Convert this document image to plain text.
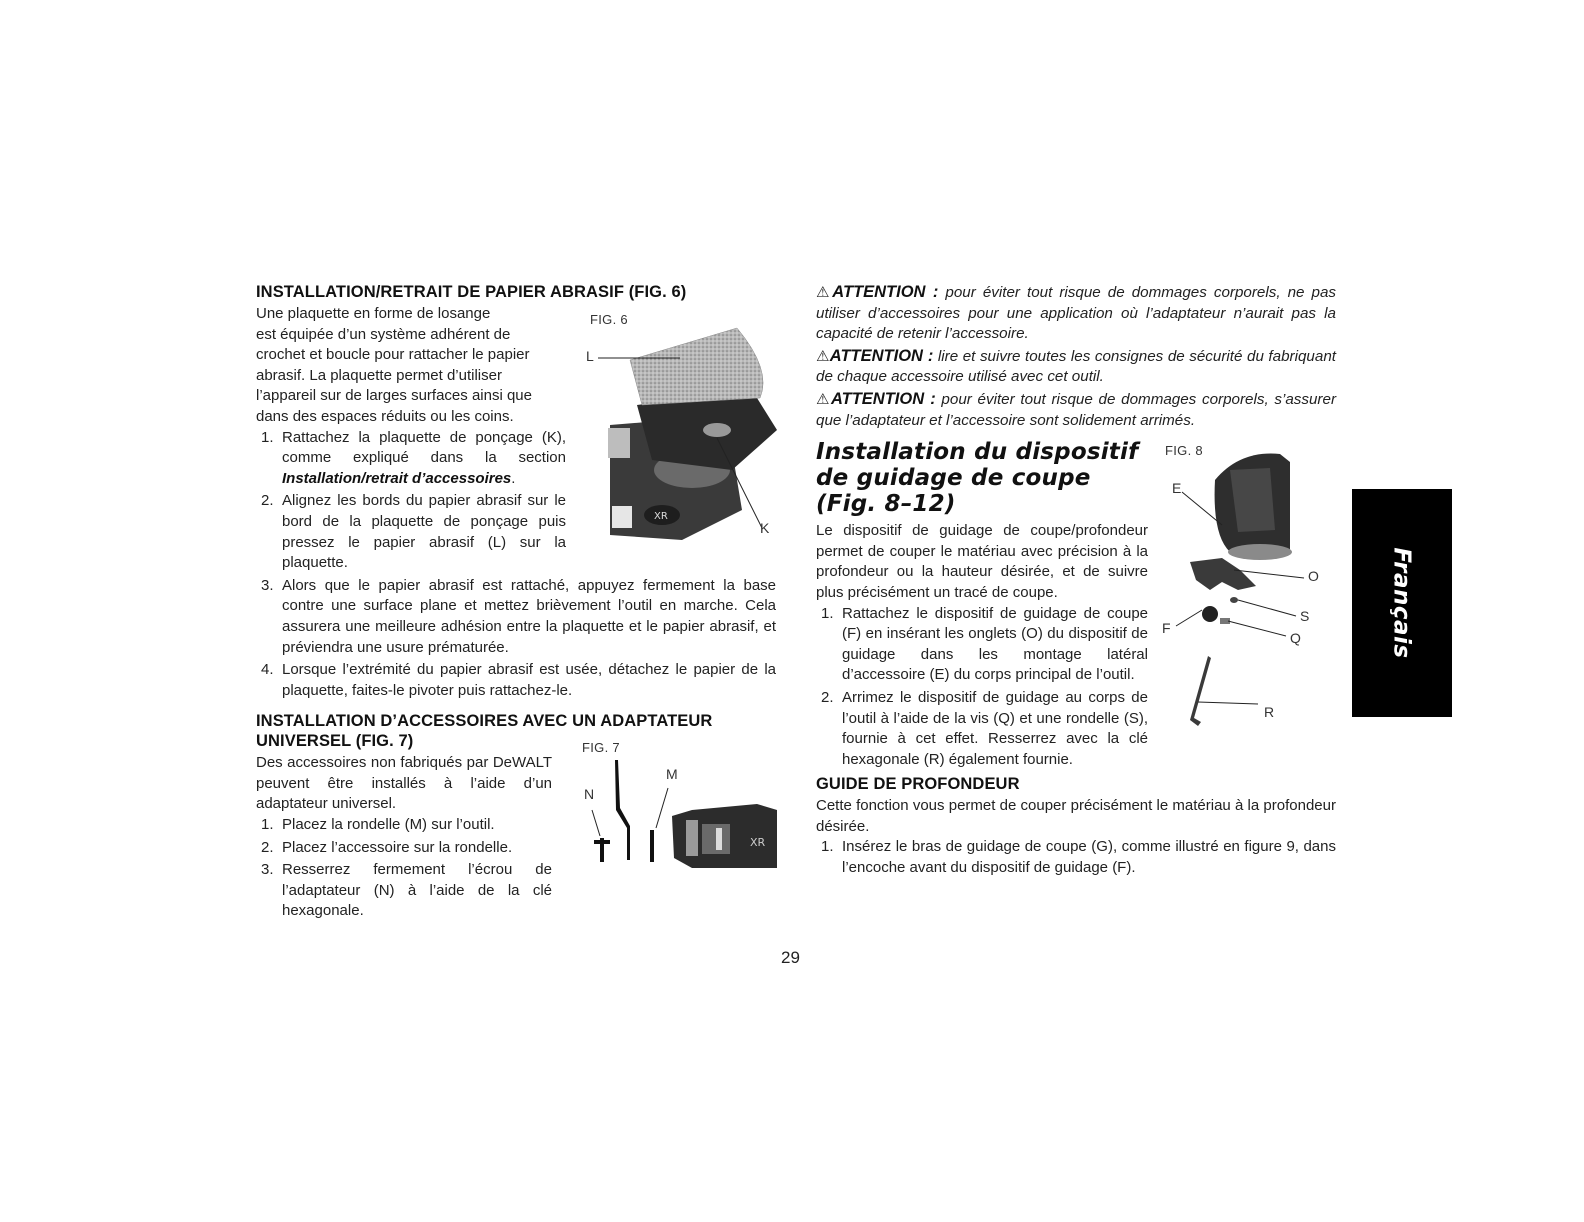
INSTALLATION/RETRAIT DE PAPIER ABRASIF (FIG. 6)

Une plaquette en forme de losange

est équipée d’un système adhérent de

crochet et boucle pour rattacher le papier

abrasif. La plaquette permet d’utiliser

l’appareil sur de larges surfaces ainsi que

dans des espaces réduits ou les coins.

1. Rattachez la plaquette de ponçage (K), comme expliqué dans la section Installation/retrait d’accessoires.
2. Alignez les bords du papier abrasif sur le bord de la plaquette de ponçage puis pressez le papier abrasif (L) sur la plaquette.
3. Alors que le papier abrasif est rattaché, appuyez fermement la base contre une surface plane et mettez brièvement l’outil en marche. Cela assurera une meilleure adhésion entre la plaquette et le papier abrasif, et préviendra une usure prématurée.
4. Lorsque l’extrémité du papier abrasif est usée, détachez le papier de la plaquette, faites-le pivoter puis rattachez-le.
INSTALLATION D’ACCESSOIRES AVEC UN ADAPTATEUR
UNIVERSEL (FIG. 7)

Des accessoires non fabriqués par DeWALT peuvent être installés à l’aide d’un adaptateur universel.

1. Placez la rondelle (M) sur l’outil.
2. Placez l’accessoire sur la rondelle.
3. Resserrez fermement l’écrou de l’adaptateur (N) à l’aide de la clé hexagonale.
FIG. 6
XR
L
K
FIG. 7
XR
M
N

⚠ATTENTION : pour éviter tout risque de dommages corporels, ne pas utiliser d’accessoires pour une application où l’adaptateur n’aurait pas la capacité de retenir l’accessoire.

⚠ATTENTION : lire et suivre toutes les consignes de sécurité du fabriquant de chaque accessoire utilisé avec cet outil.

⚠ATTENTION : pour éviter tout risque de dommages corporels, s’assurer que l’adaptateur et l’accessoire sont solidement arrimés.

Installation du dispositif
de guidage de coupe
(Fig. 8–12)

Le dispositif de guidage de coupe/profondeur permet de couper le matériau avec précision à la profondeur ou la hauteur désirée, et de suivre plus précisément un tracé de coupe.

1. Rattachez le dispositif de guidage de coupe (F) en insérant les onglets (O) du dispositif de guidage dans les montage latéral d’accessoire (E) du corps principal de l’outil.
2. Arrimez le dispositif de guidage au corps de l’outil à l’aide de la vis (Q) et une rondelle (S), fournie à cet effet. Resserrez avec la clé hexagonale (R) également fournie.
GUIDE DE PROFONDEUR

Cette fonction vous permet de couper précisément le matériau à la profondeur désirée.

1. Insérez le bras de guidage de coupe (G), comme illustré en figure 9, dans l’encoche avant du dispositif de guidage (F).
FIG. 8
E
O
S
F
Q
R
Français
29
